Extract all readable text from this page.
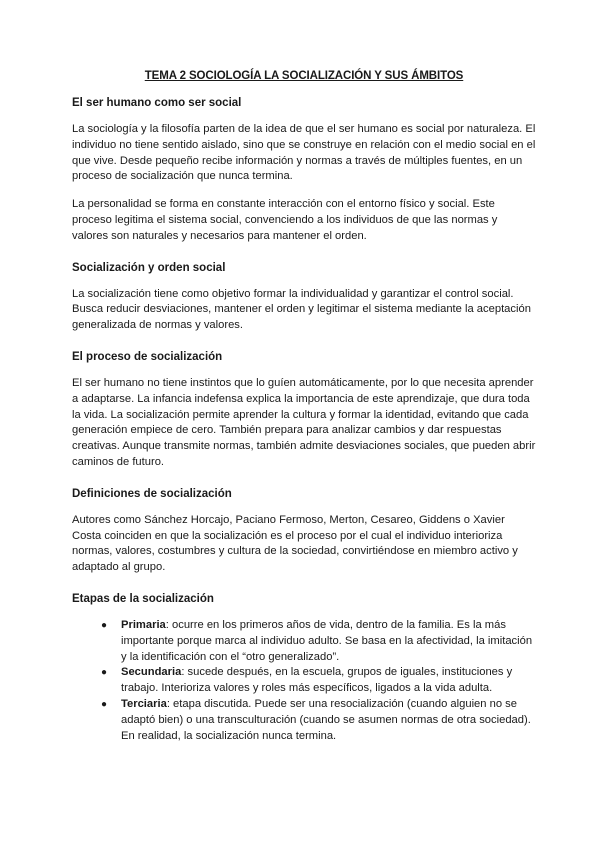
TEMA 2 SOCIOLOGÍA LA SOCIALIZACIÓN Y SUS ÁMBITOS
El ser humano como ser social

La sociología y la filosofía parten de la idea de que el ser humano es social por naturaleza. El individuo no tiene sentido aislado, sino que se construye en relación con el medio social en el que vive. Desde pequeño recibe información y normas a través de múltiples fuentes, en un proceso de socialización que nunca termina.

La personalidad se forma en constante interacción con el entorno físico y social. Este proceso legitima el sistema social, convenciendo a los individuos de que las normas y valores son naturales y necesarios para mantener el orden.

Socialización y orden social

La socialización tiene como objetivo formar la individualidad y garantizar el control social. Busca reducir desviaciones, mantener el orden y legitimar el sistema mediante la aceptación generalizada de normas y valores.

El proceso de socialización

El ser humano no tiene instintos que lo guíen automáticamente, por lo que necesita aprender a adaptarse. La infancia indefensa explica la importancia de este aprendizaje, que dura toda la vida. La socialización permite aprender la cultura y formar la identidad, evitando que cada generación empiece de cero. También prepara para analizar cambios y dar respuestas creativas. Aunque transmite normas, también admite desviaciones sociales, que pueden abrir caminos de futuro.

Definiciones de socialización

Autores como Sánchez Horcajo, Paciano Fermoso, Merton, Cesareo, Giddens o Xavier Costa coinciden en que la socialización es el proceso por el cual el individuo interioriza normas, valores, costumbres y cultura de la sociedad, convirtiéndose en miembro activo y adaptado al grupo.

Etapas de la socialización
● Primaria: ocurre en los primeros años de vida, dentro de la familia. Es la más importante porque marca al individuo adulto. Se basa en la afectividad, la imitación y la identificación con el “otro generalizado”.
● Secundaria: sucede después, en la escuela, grupos de iguales, instituciones y trabajo. Interioriza valores y roles más específicos, ligados a la vida adulta.
● Terciaria: etapa discutida. Puede ser una resocialización (cuando alguien no se adaptó bien) o una transculturación (cuando se asumen normas de otra sociedad). En realidad, la socialización nunca termina.
